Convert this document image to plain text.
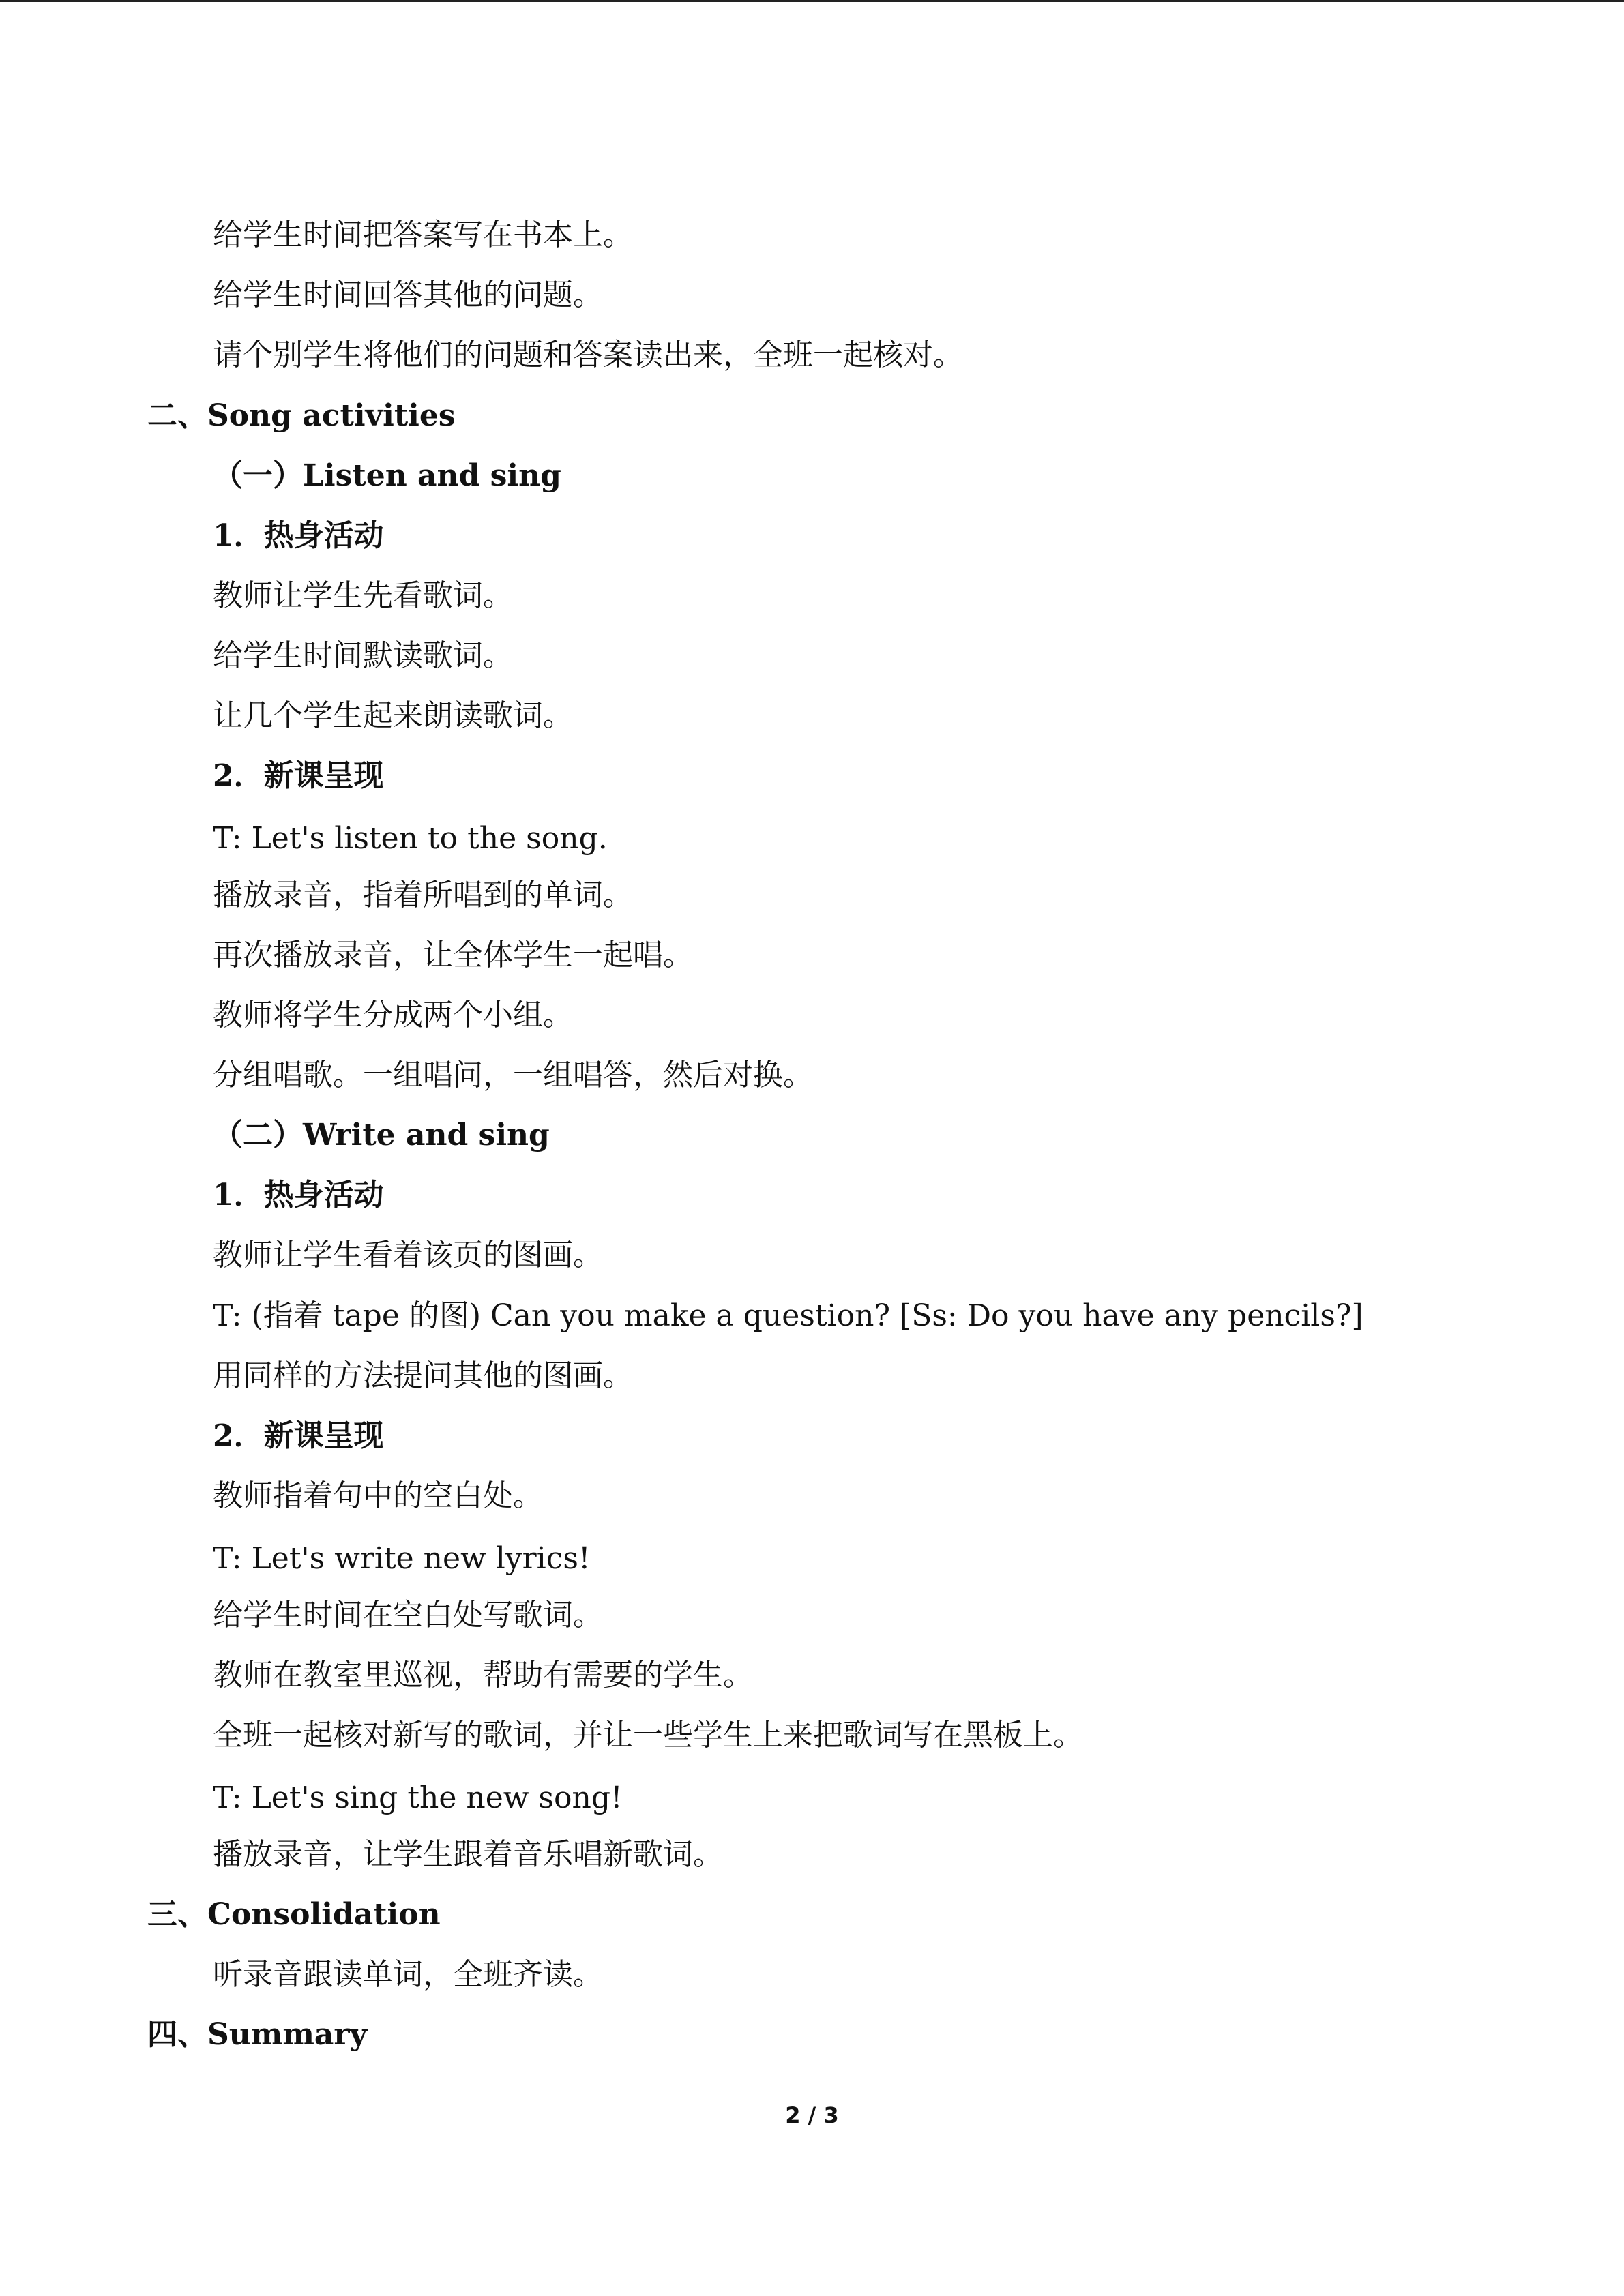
给学生时间把答案写在书本上。
给学生时间回答其他的问题。
请个别学生将他们的问题和答案读出来，全班一起核对。
二、Song activities
（一）Listen and sing
1．热身活动
教师让学生先看歌词。
给学生时间默读歌词。
让几个学生起来朗读歌词。
2．新课呈现
T: Let's listen to the song.
播放录音，指着所唱到的单词。
再次播放录音，让全体学生一起唱。
教师将学生分成两个小组。
分组唱歌。一组唱问，一组唱答，然后对换。
（二）Write and sing
1．热身活动
教师让学生看着该页的图画。
T: (指着 tape 的图) Can you make a question? [Ss: Do you have any pencils?]
用同样的方法提问其他的图画。
2．新课呈现
教师指着句中的空白处。
T: Let's write new lyrics!
给学生时间在空白处写歌词。
教师在教室里巡视，帮助有需要的学生。
全班一起核对新写的歌词，并让一些学生上来把歌词写在黑板上。
T: Let's sing the new song!
播放录音，让学生跟着音乐唱新歌词。
三、Consolidation
听录音跟读单词，全班齐读。
四、Summary
2 / 3
